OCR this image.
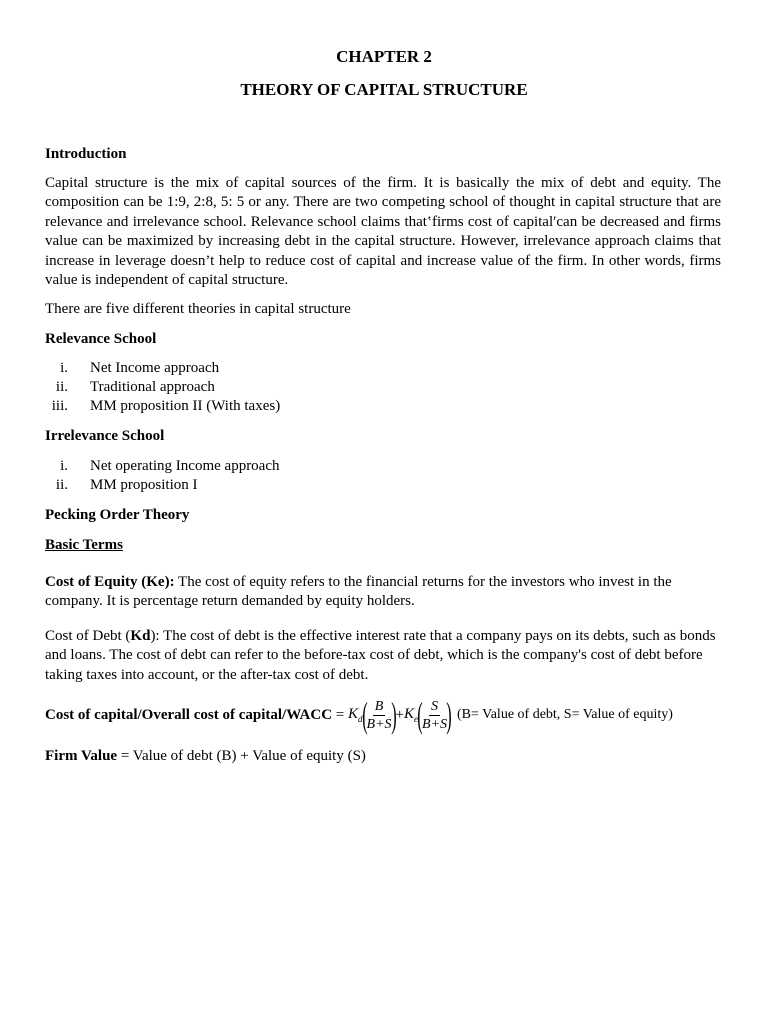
CHAPTER 2
THEORY OF CAPITAL STRUCTURE

Introduction

Capital structure is the mix of capital sources of the firm. It is basically the mix of debt and equity. The composition can be 1:9, 2:8, 5: 5 or any. There are two competing school of thought in capital structure that are relevance and irrelevance school. Relevance school claims that‛firms cost of capital′can be decreased and firms value can be maximized by increasing debt in the capital structure. However, irrelevance approach claims that increase in leverage doesn’t help to reduce cost of capital and increase value of the firm. In other words, firms value is independent of capital structure.

There are five different theories in capital structure

Relevance School

i. Net Income approach
ii. Traditional approach
iii. MM proposition II (With taxes)

Irrelevance School

i. Net operating Income approach
ii. MM proposition I

Pecking Order Theory

Basic Terms

Cost of Equity (Ke): The cost of equity refers to the financial returns for the investors who invest in the company. It is percentage return demanded by equity holders.

Cost of Debt (Kd): The cost of debt is the effective interest rate that a company pays on its debts, such as bonds and loans. The cost of debt can refer to the before-tax cost of debt, which is the company's cost of debt before taking taxes into account, or the after-tax cost of debt.

Cost of capital/Overall cost of capital/WACC = $K_d$ ( $\frac{B}{B+S}$ ) + $K_e$ ( $\frac{S}{B+S}$ ) (B= Value of debt, S= Value of equity)

Firm Value = Value of debt (B) + Value of equity (S)
